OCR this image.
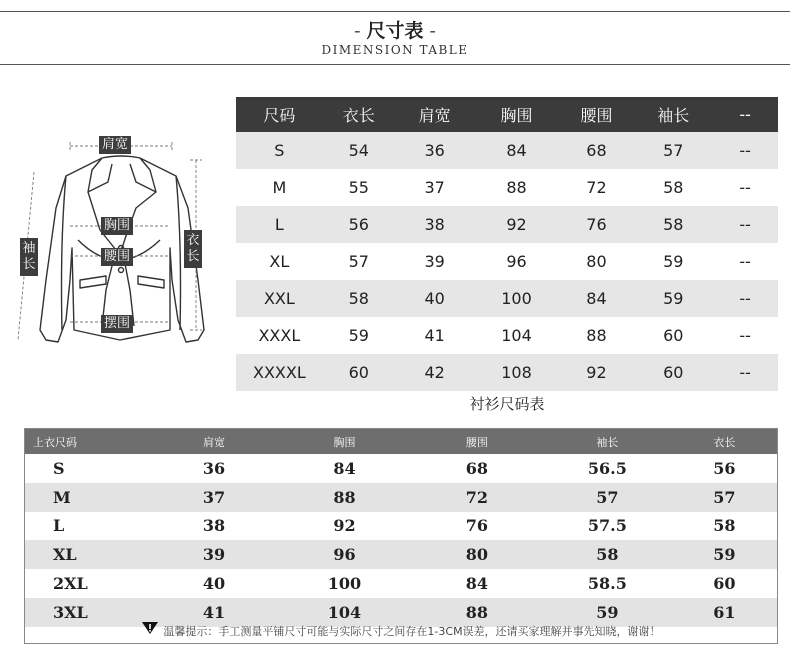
- 尺寸表 -
DIMENSION TABLE
肩宽
胸围
腰围
摆围
袖长
衣长
尺码	衣长	肩宽	胸围	腰围	袖长	--
S	54	36	84	68	57	--
M	55	37	88	72	58	--
L	56	38	92	76	58	--
XL	57	39	96	80	59	--
XXL	58	40	100	84	59	--
XXXL	59	41	104	88	60	--
XXXXL	60	42	108	92	60	--
衬衫尺码表
上衣尺码	肩宽	胸围	腰围	袖长	衣长
S	36	84	68	56.5	56
M	37	88	72	57	57
L	38	92	76	57.5	58
XL	39	96	80	58	59
2XL	40	100	84	58.5	60
3XL	41	104	88	59	61
温馨提示：手工测量平铺尺寸可能与实际尺寸之间存在1-3CM误差，还请买家理解并事先知晓，谢谢！
